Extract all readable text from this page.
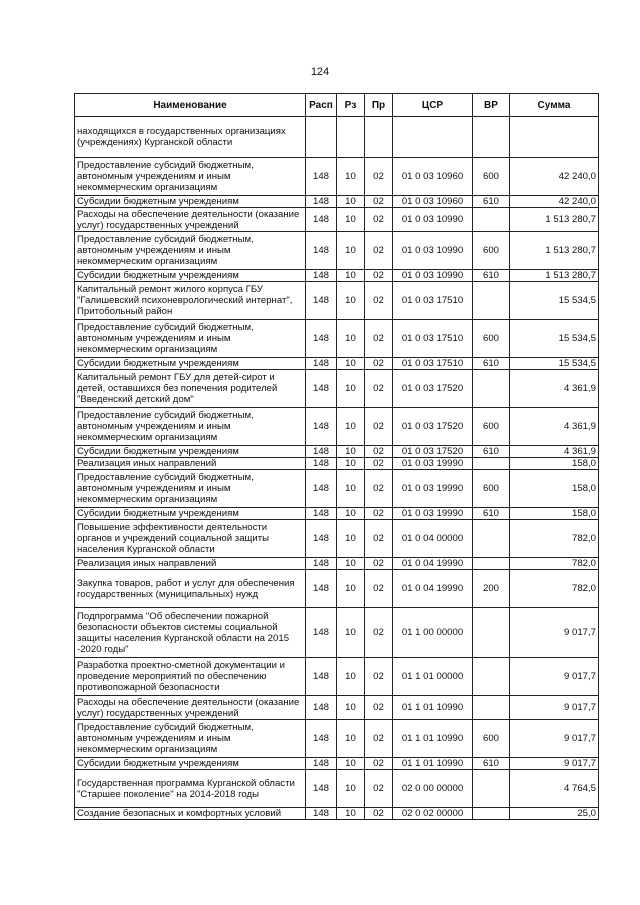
124
Наименование	Расп	Рз	Пр	ЦСР	ВР	Сумма
находящихся в государственных организациях (учреждениях) Курганской области						
Предоставление субсидий бюджетным, автономным учреждениям и иным некоммерческим организациям	148	10	02	01 0 03 10960	600	42 240,0
Субсидии бюджетным учреждениям	148	10	02	01 0 03 10960	610	42 240,0
Расходы на обеспечение деятельности (оказание услуг) государственных учреждений	148	10	02	01 0 03 10990		1 513 280,7
Предоставление субсидий бюджетным, автономным учреждениям и иным некоммерческим организациям	148	10	02	01 0 03 10990	600	1 513 280,7
Субсидии бюджетным учреждениям	148	10	02	01 0 03 10990	610	1 513 280,7
Капитальный ремонт жилого корпуса ГБУ "Галишевский психоневрологический интернат", Притобольный район	148	10	02	01 0 03 17510		15 534,5
Предоставление субсидий бюджетным, автономным учреждениям и иным некоммерческим организациям	148	10	02	01 0 03 17510	600	15 534,5
Субсидии бюджетным учреждениям	148	10	02	01 0 03 17510	610	15 534,5
Капитальный ремонт ГБУ для детей-сирот и детей, оставшихся без попечения родителей "Введенский детский дом"	148	10	02	01 0 03 17520		4 361,9
Предоставление субсидий бюджетным, автономным учреждениям и иным некоммерческим организациям	148	10	02	01 0 03 17520	600	4 361,9
Субсидии бюджетным учреждениям	148	10	02	01 0 03 17520	610	4 361,9
Реализация иных направлений	148	10	02	01 0 03 19990		158,0
Предоставление субсидий бюджетным, автономным учреждениям и иным некоммерческим организациям	148	10	02	01 0 03 19990	600	158,0
Субсидии бюджетным учреждениям	148	10	02	01 0 03 19990	610	158,0
Повышение эффективности деятельности органов и учреждений социальной защиты населения Курганской области	148	10	02	01 0 04 00000		782,0
Реализация иных направлений	148	10	02	01 0 04 19990		782,0
Закупка товаров, работ и услуг для обеспечения государственных (муниципальных) нужд	148	10	02	01 0 04 19990	200	782,0
Подпрограмма "Об обеспечении пожарной безопасности объектов системы социальной защиты населения Курганской области на 2015 -2020 годы"	148	10	02	01 1 00 00000		9 017,7
Разработка проектно-сметной документации и проведение мероприятий по обеспечению противопожарной безопасности	148	10	02	01 1 01 00000		9 017,7
Расходы на обеспечение деятельности (оказание услуг) государственных учреждений	148	10	02	01 1 01 10990		9 017,7
Предоставление субсидий бюджетным, автономным учреждениям и иным некоммерческим организациям	148	10	02	01 1 01 10990	600	9 017,7
Субсидии бюджетным учреждениям	148	10	02	01 1 01 10990	610	9 017,7
Государственная программа Курганской области "Старшее поколение" на 2014-2018 годы	148	10	02	02 0 00 00000		4 764,5
Создание безопасных и комфортных условий	148	10	02	02 0 02 00000		25,0
